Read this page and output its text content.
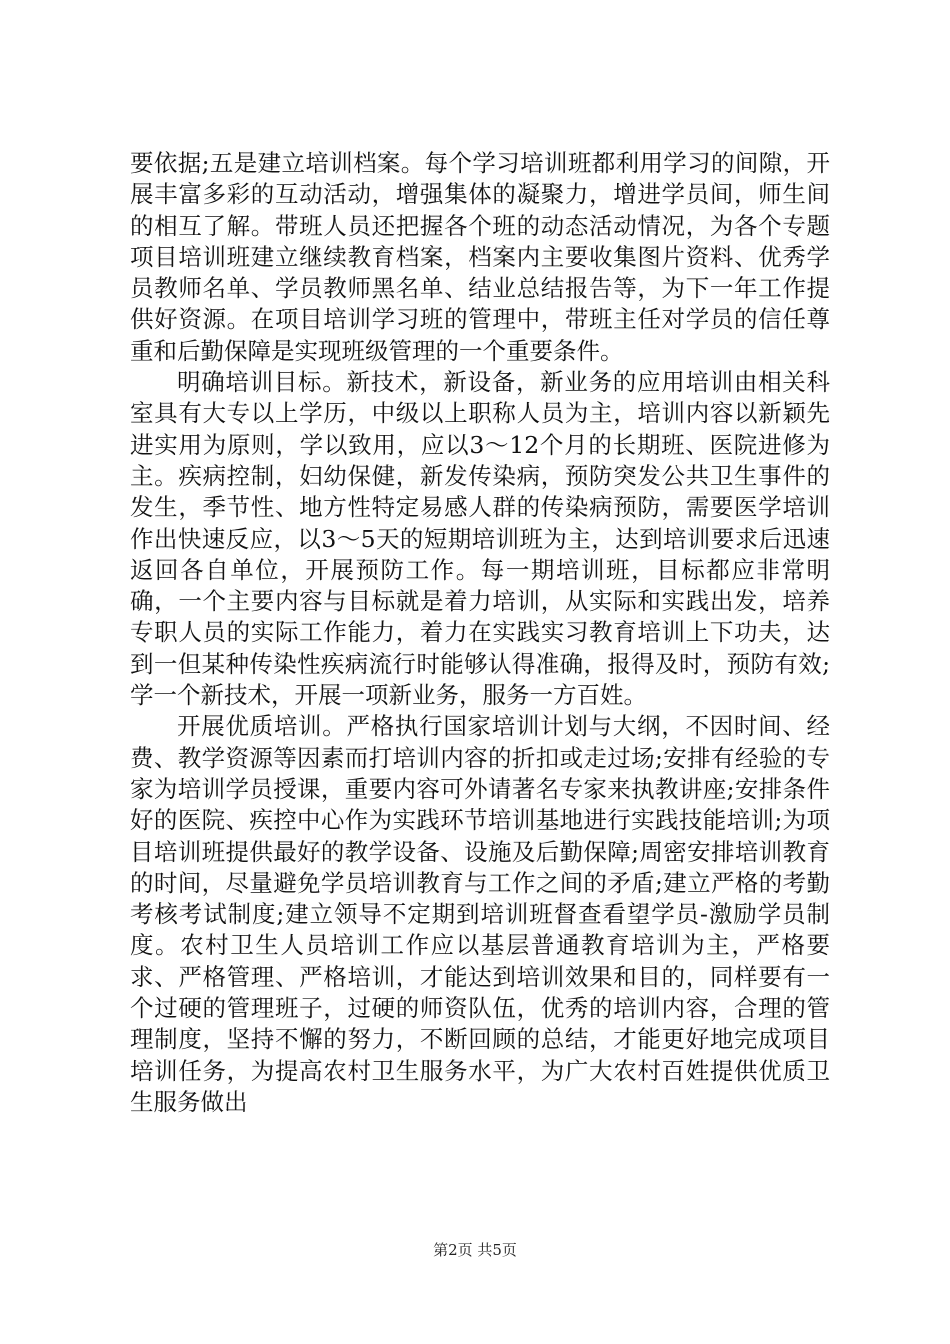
要依据;五是建立培训档案。每个学习培训班都利用学习的间隙，开展丰富多彩的互动活动，增强集体的凝聚力，增进学员间，师生间的相互了解。带班人员还把握各个班的动态活动情况，为各个专题项目培训班建立继续教育档案，档案内主要收集图片资料、优秀学员教师名单、学员教师黑名单、结业总结报告等，为下一年工作提供好资源。在项目培训学习班的管理中，带班主任对学员的信任尊重和后勤保障是实现班级管理的一个重要条件。

明确培训目标。新技术，新设备，新业务的应用培训由相关科室具有大专以上学历，中级以上职称人员为主，培训内容以新颖先进实用为原则，学以致用，应以3～12个月的长期班、医院进修为主。疾病控制，妇幼保健，新发传染病，预防突发公共卫生事件的发生，季节性、地方性特定易感人群的传染病预防，需要医学培训作出快速反应，以3～5天的短期培训班为主，达到培训要求后迅速返回各自单位，开展预防工作。每一期培训班，目标都应非常明确，一个主要内容与目标就是着力培训，从实际和实践出发，培养专职人员的实际工作能力，着力在实践实习教育培训上下功夫，达到一但某种传染性疾病流行时能够认得准确，报得及时，预防有效;学一个新技术，开展一项新业务，服务一方百姓。

开展优质培训。严格执行国家培训计划与大纲，不因时间、经费、教学资源等因素而打培训内容的折扣或走过场;安排有经验的专家为培训学员授课，重要内容可外请著名专家来执教讲座;安排条件好的医院、疾控中心作为实践环节培训基地进行实践技能培训;为项目培训班提供最好的教学设备、设施及后勤保障;周密安排培训教育的时间，尽量避免学员培训教育与工作之间的矛盾;建立严格的考勤考核考试制度;建立领导不定期到培训班督查看望学员-激励学员制度。农村卫生人员培训工作应以基层普通教育培训为主，严格要求、严格管理、严格培训，才能达到培训效果和目的，同样要有一个过硬的管理班子，过硬的师资队伍，优秀的培训内容，合理的管理制度，坚持不懈的努力，不断回顾的总结，才能更好地完成项目培训任务，为提高农村卫生服务水平，为广大农村百姓提供优质卫生服务做出

第2页 共5页
